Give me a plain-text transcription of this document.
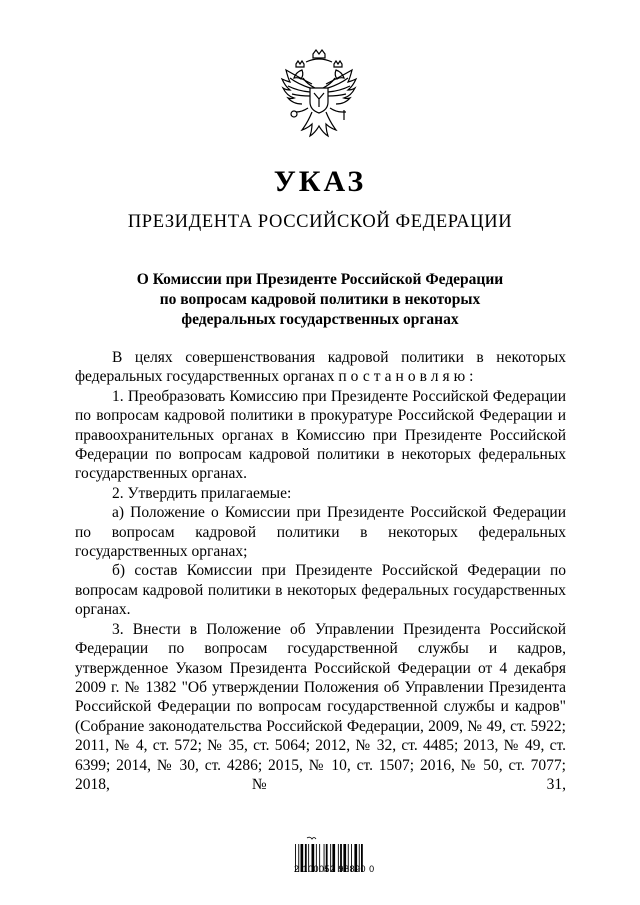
УКАЗ
ПРЕЗИДЕНТА РОССИЙСКОЙ ФЕДЕРАЦИИ
О Комиссии при Президенте Российской Федерации
по вопросам кадровой политики в некоторых
федеральных государственных органах

В целях совершенствования кадровой политики в некоторых федеральных государственных органах постановляю:

1. Преобразовать Комиссию при Президенте Российской Федерации по вопросам кадровой политики в прокуратуре Российской Федерации и правоохранительных органах в Комиссию при Президенте Российской Федерации по вопросам кадровой политики в некоторых федеральных государственных органах.

2. Утвердить прилагаемые:

а) Положение о Комиссии при Президенте Российской Федерации по вопросам кадровой политики в некоторых федеральных государственных органах;

б) состав Комиссии при Президенте Российской Федерации по вопросам кадровой политики в некоторых федеральных государственных органах.

3. Внести в Положение об Управлении Президента Российской Федерации по вопросам государственной службы и кадров, утвержденное Указом Президента Российской Федерации от 4 декабря 2009 г. № 1382 "Об утверждении Положения об Управлении Президента Российской Федерации по вопросам государственной службы и кадров" (Собрание законодательства Российской Федерации, 2009, № 49, ст. 5922; 2011, № 4, ст. 572; № 35, ст. 5064; 2012, № 32, ст. 4485; 2013, № 49, ст. 6399; 2014, № 30, ст. 4286; 2015, № 10, ст. 1507; 2016, № 50, ст. 7077; 2018, № 31,

2 100052 98890 0
